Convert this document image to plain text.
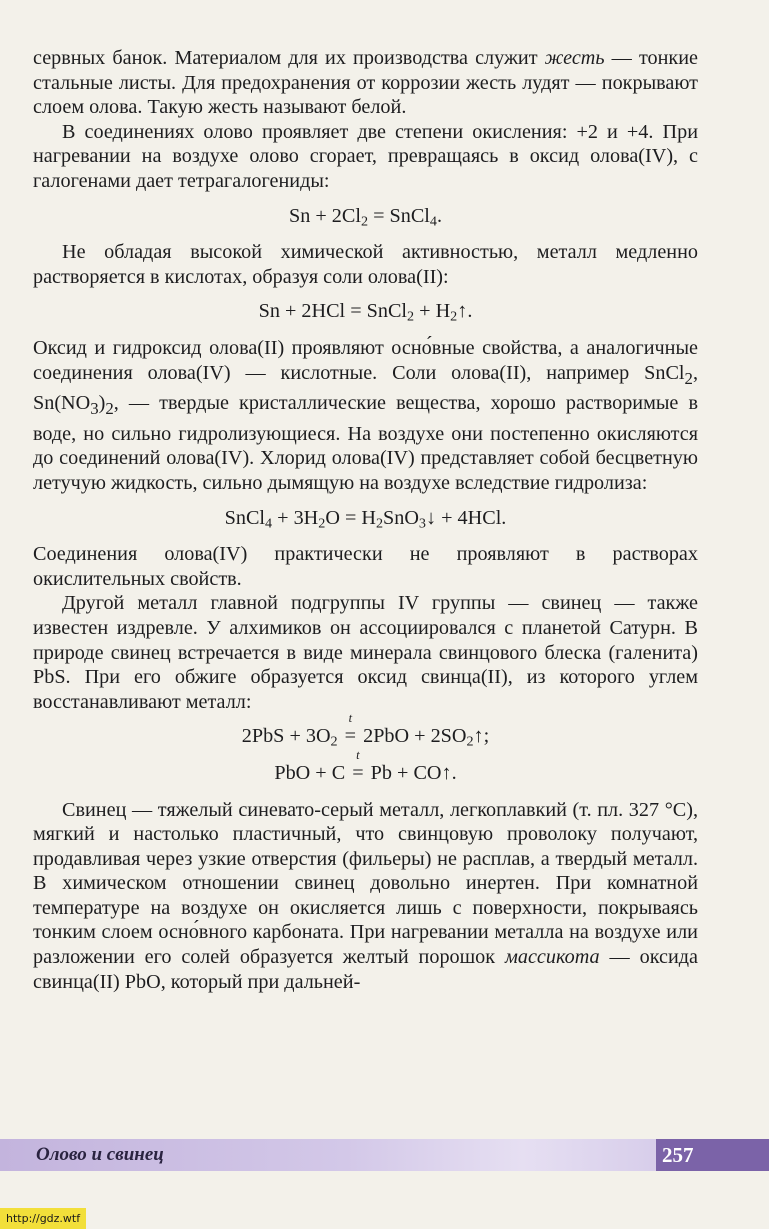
сервных банок. Материалом для их производства служит жесть — тонкие стальные листы. Для предохранения от коррозии жесть лудят — покрывают слоем олова. Такую жесть называют белой.

В соединениях олово проявляет две степени окисления: +2 и +4. При нагревании на воздухе олово сгорает, превращаясь в оксид олова(IV), с галогенами дает тетрагалогениды:

$Sn + 2Cl_2$ = SnCl$_4$.

Не обладая высокой химической активностью, металл медленно растворяется в кислотах, образуя соли олова(II):

Sn + 2HCl = SnCl$_2$ + $H_2↑$.

Оксид и гидроксид олова(II) проявляют осно́вные свойства, а аналогичные соединения олова(IV) — кислотные. Соли олова(II), например SnCl$_2$, $Sn(NO_3)_2$, — твердые кристаллические вещества, хорошо растворимые в воде, но сильно гидролизующиеся. На воздухе они постепенно окисляются до соединений олова(IV). Хлорид олова(IV) представляет собой бесцветную летучую жидкость, сильно дымящую на воздухе вследствие гидролиза:

SnCl$_4$ + $3H_2O$ = $H_2SnO_3↓ + 4HCl$.

Соединения олова(IV) практически не проявляют в растворах окислительных свойств.

Другой металл главной подгруппы IV группы — свинец — также известен издревле. У алхимиков он ассоциировался с планетой Сатурн. В природе свинец встречается в виде минерала свинцового блеска (галенита) PbS. При его обжиге образуется оксид свинца(II), из которого углем восстанавливают металл:

$2PbS + 3O_2$
t
= $2PbO + 2SO_2↑$;
PbO + C
t
= Pb + CO↑.

Свинец — тяжелый синевато-серый металл, легкоплавкий (т. пл. 327 °С), мягкий и настолько пластичный, что свинцовую проволоку получают, продавливая через узкие отверстия (фильеры) не расплав, а твердый металл. В химическом отношении свинец довольно инертен. При комнатной температуре на воздухе он окисляется лишь с поверхности, покрываясь тонким слоем осно́вного карбоната. При нагревании металла на воздухе или разложении его солей образуется желтый порошок массикота — оксида свинца(II) PbO, который при дальней-

Олово и свинец	257
http://gdz.wtf
